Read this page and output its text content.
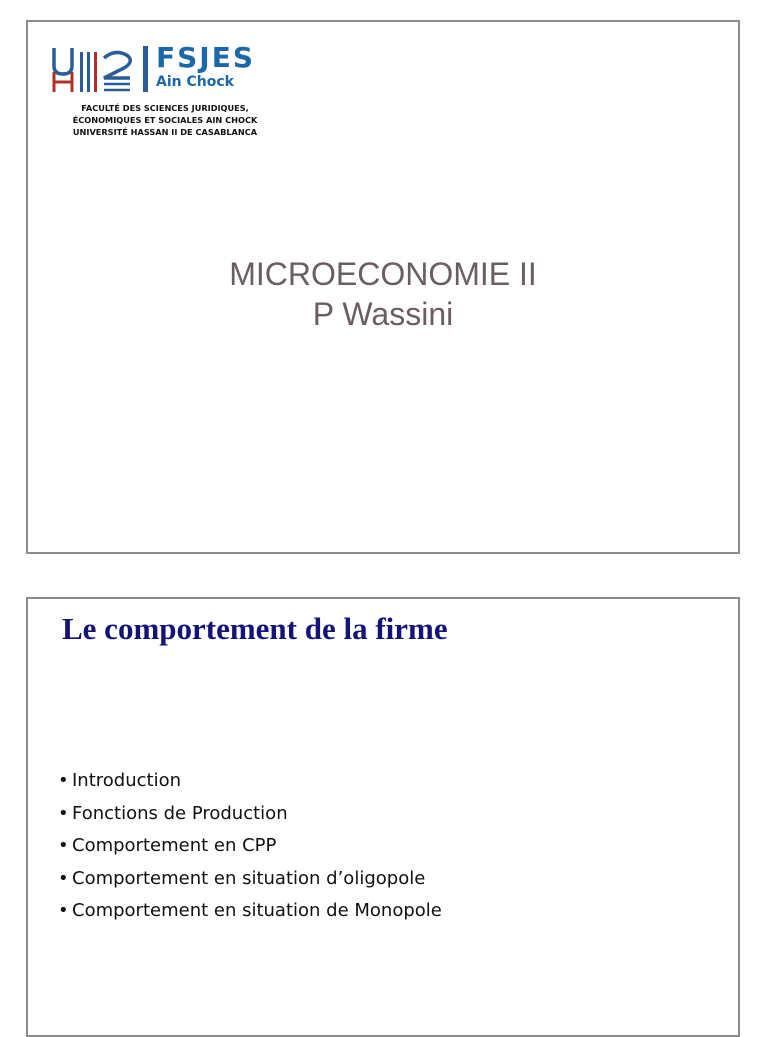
FSJES
Ain Chock
FACULTÉ DES SCIENCES JURIDIQUES,
ÉCONOMIQUES ET SOCIALES AIN CHOCK
UNIVERSITÉ HASSAN II DE CASABLANCA
MICROECONOMIE II
P Wassini
Le comportement de la firme
• Introduction
• Fonctions de Production
• Comportement en CPP
• Comportement en situation d’oligopole
• Comportement en situation de Monopole
